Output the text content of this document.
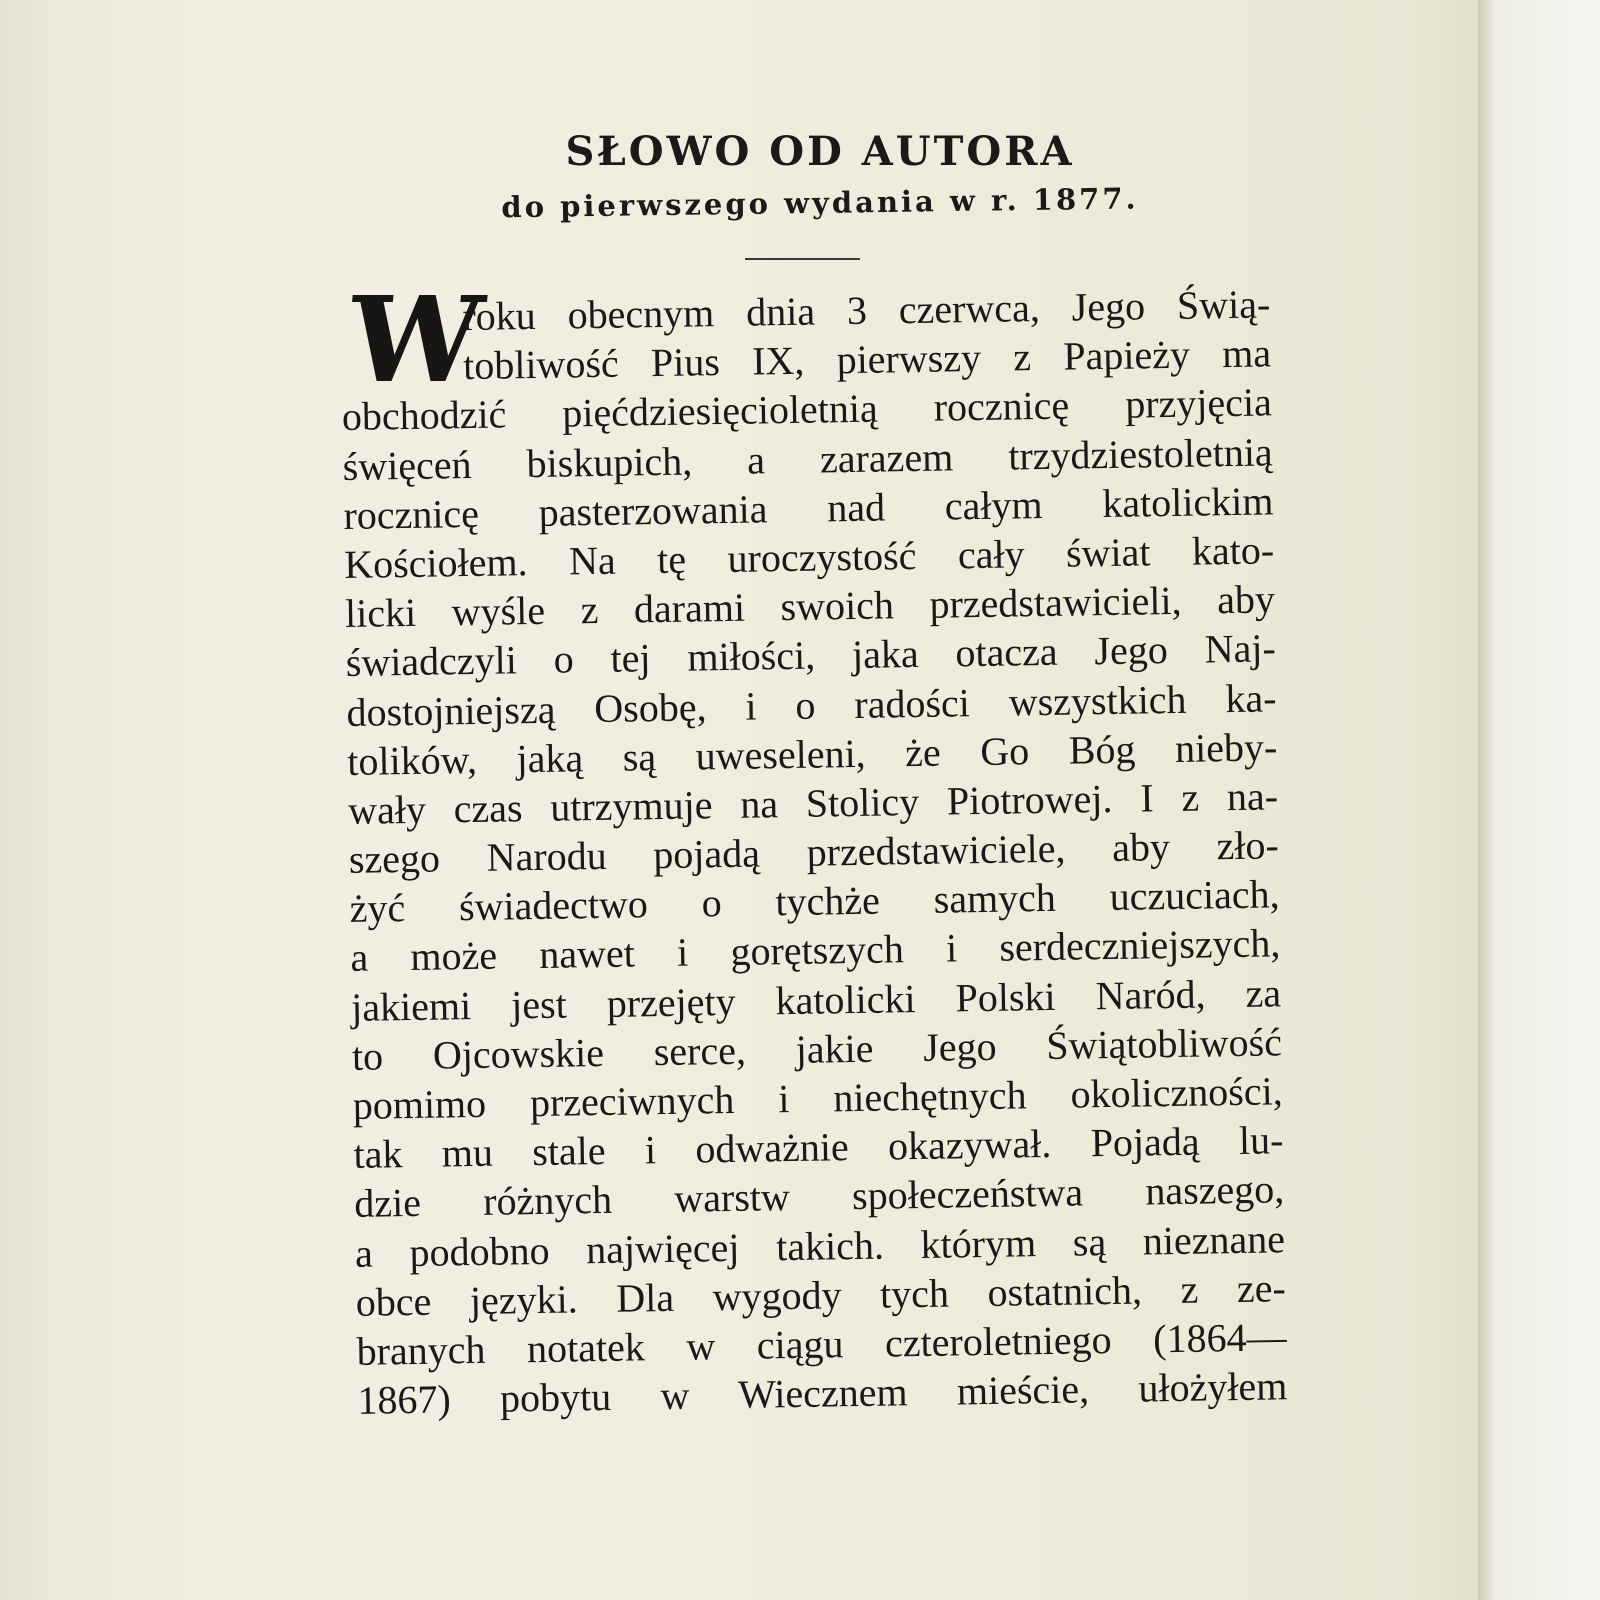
SŁOWO OD AUTORA
do pierwszego wydania w r. 1877.
W
roku obecnym dnia 3 czerwca, Jego Świą-
tobliwość Pius IX, pierwszy z Papieży ma
obchodzić pięćdziesięcioletnią rocznicę przyjęcia
święceń biskupich, a zarazem trzydziestoletnią
rocznicę pasterzowania nad całym katolickim
Kościołem. Na tę uroczystość cały świat kato-
licki wyśle z darami swoich przedstawicieli, aby
świadczyli o tej miłości, jaka otacza Jego Naj-
dostojniejszą Osobę, i o radości wszystkich ka-
tolików, jaką są uweseleni, że Go Bóg nieby-
wały czas utrzymuje na Stolicy Piotrowej. I z na-
szego Narodu pojadą przedstawiciele, aby zło-
żyć świadectwo o tychże samych uczuciach,
a może nawet i gorętszych i serdeczniejszych,
jakiemi jest przejęty katolicki Polski Naród, za
to Ojcowskie serce, jakie Jego Świątobliwość
pomimo przeciwnych i niechętnych okoliczności,
tak mu stale i odważnie okazywał. Pojadą lu-
dzie różnych warstw społeczeństwa naszego,
a podobno najwięcej takich. którym są nieznane
obce języki. Dla wygody tych ostatnich, z ze-
branych notatek w ciągu czteroletniego (1864—
1867) pobytu w Wiecznem mieście, ułożyłem
